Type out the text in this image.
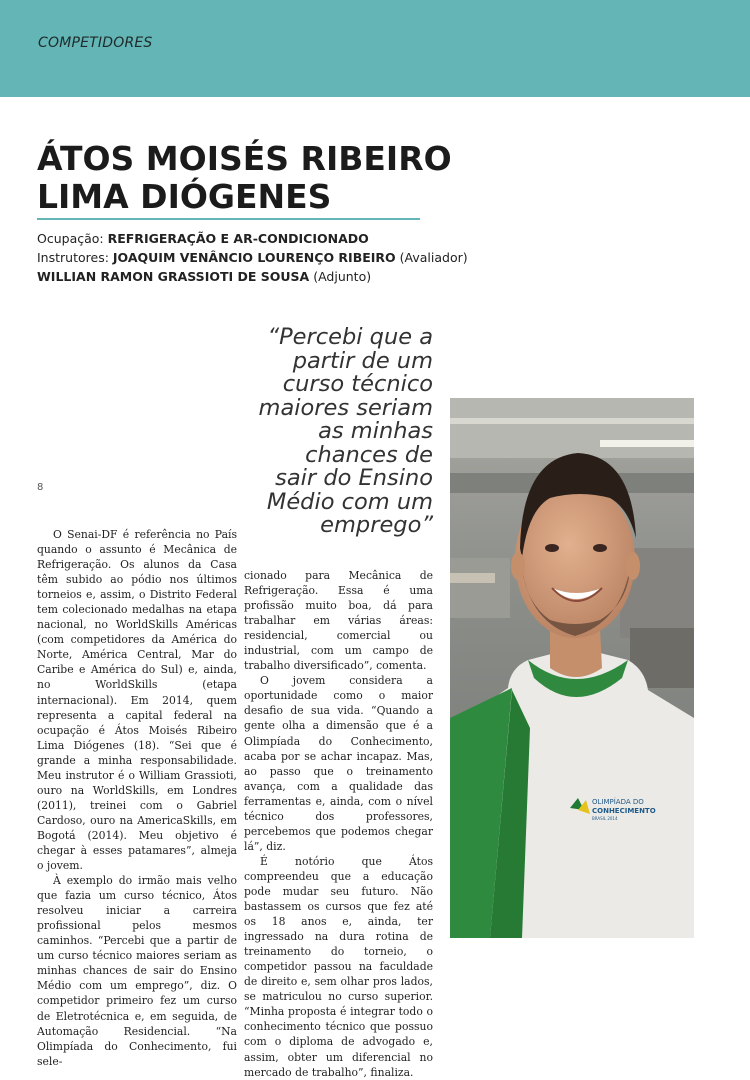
COMPETIDORES
ÁTOS MOISÉS RIBEIRO
LIMA DIÓGENES
Ocupação: REFRIGERAÇÃO E AR-CONDICIONADO
Instrutores: JOAQUIM VENÂNCIO LOURENÇO RIBEIRO (Avaliador)
WILLIAN RAMON GRASSIOTI DE SOUSA (Adjunto)
“Percebi que a
partir de um
curso técnico
maiores seriam
as minhas
chances de
sair do Ensino
Médio com um
emprego”
8

O Senai-DF é referência no País quando o assunto é Mecânica de Refrigeração. Os alunos da Casa têm subido ao pódio nos últimos torneios e, assim, o Distrito Federal tem colecionado medalhas na etapa nacional, no WorldSkills Américas (com competidores da América do Norte, América Central, Mar do Caribe e América do Sul) e, ainda, no WorldSkills (etapa internacional). Em 2014, quem representa a capital federal na ocupação é Átos Moisés Ribeiro Lima Diógenes (18). “Sei que é grande a minha responsabilidade. Meu instrutor é o William Grassioti, ouro na WorldSkills, em Londres (2011), treinei com o Gabriel Cardoso, ouro na AmericaSkills, em Bogotá (2014). Meu objetivo é chegar à esses patamares”, almeja o jovem.

À exemplo do irmão mais velho que fazia um curso técnico, Átos resolveu iniciar a carreira profissional pelos mesmos caminhos. “Percebi que a partir de um curso técnico maiores seriam as minhas chances de sair do Ensino Médio com um emprego”, diz. O competidor primeiro fez um curso de Eletrotécnica e, em seguida, de Automação Residencial. “Na Olimpíada do Conhecimento, fui sele-

cionado para Mecânica de Refrigeração. Essa é uma profissão muito boa, dá para trabalhar em várias áreas: residencial, comercial ou industrial, com um campo de trabalho diversificado”, comenta.

O jovem considera a oportunidade como o maior desafio de sua vida. “Quando a gente olha a dimensão que é a Olimpíada do Conhecimento, acaba por se achar incapaz. Mas, ao passo que o treinamento avança, com a qualidade das ferramentas e, ainda, com o nível técnico dos professores, percebemos que podemos chegar lá”, diz.

É notório que Átos compreendeu que a educação pode mudar seu futuro. Não bastassem os cursos que fez até os 18 anos e, ainda, ter ingressado na dura rotina de treinamento do torneio, o competidor passou na faculdade de direito e, sem olhar pros lados, se matriculou no curso superior. “Minha proposta é integrar todo o conhecimento técnico que possuo com o diploma de advogado e, assim, obter um diferencial no mercado de trabalho”, finaliza.

OLIMPÍADA DO
CONHECIMENTO
BRASIL 2014
